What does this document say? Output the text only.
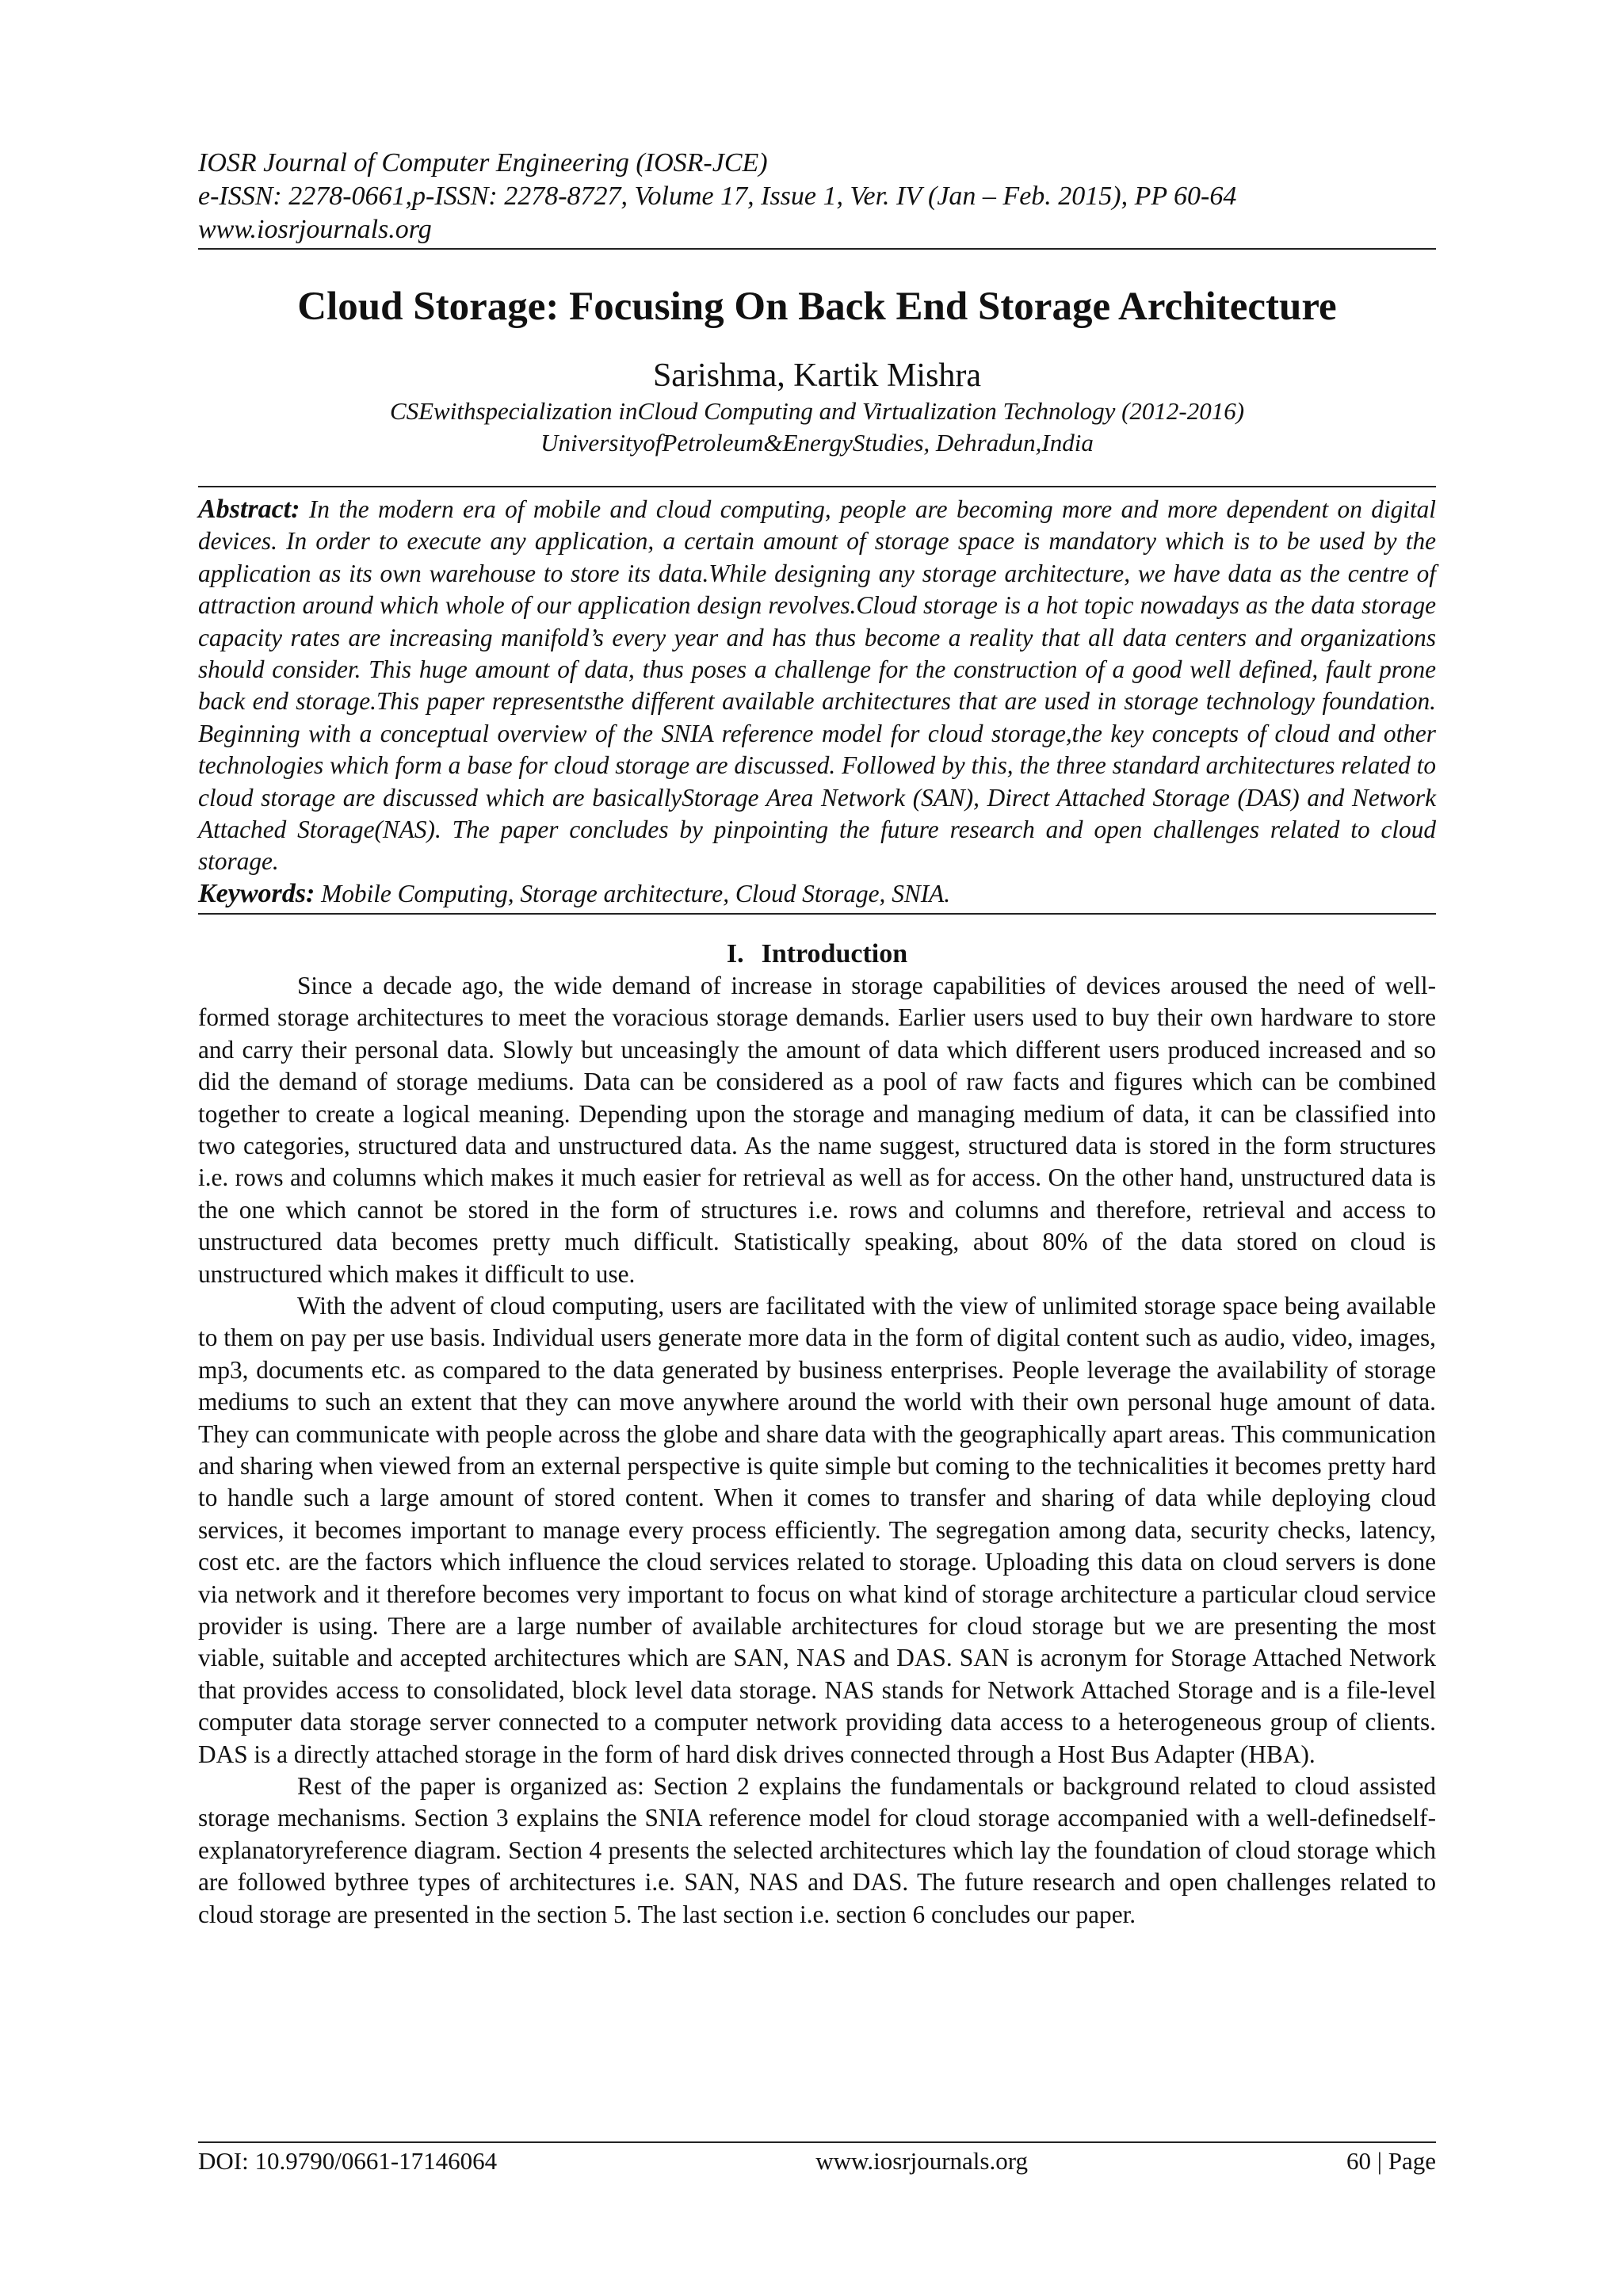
IOSR Journal of Computer Engineering (IOSR-JCE)
e-ISSN: 2278-0661,p-ISSN: 2278-8727, Volume 17, Issue 1, Ver. IV (Jan – Feb. 2015), PP 60-64
www.iosrjournals.org
Cloud Storage: Focusing On Back End Storage Architecture
Sarishma, Kartik Mishra
CSEwithspecialization inCloud Computing and Virtualization Technology (2012-2016)
UniversityofPetroleum&EnergyStudies, Dehradun,India
Abstract: In the modern era of mobile and cloud computing, people are becoming more and more dependent on digital devices. In order to execute any application, a certain amount of storage space is mandatory which is to be used by the application as its own warehouse to store its data.While designing any storage architecture, we have data as the centre of attraction around which whole of our application design revolves.Cloud storage is a hot topic nowadays as the data storage capacity rates are increasing manifold’s every year and has thus become a reality that all data centers and organizations should consider. This huge amount of data, thus poses a challenge for the construction of a good well defined, fault prone back end storage.This paper representsthe different available architectures that are used in storage technology foundation. Beginning with a conceptual overview of the SNIA reference model for cloud storage,the key concepts of cloud and other technologies which form a base for cloud storage are discussed. Followed by this, the three standard architectures related to cloud storage are discussed which are basicallyStorage Area Network (SAN), Direct Attached Storage (DAS) and Network Attached Storage(NAS). The paper concludes by pinpointing the future research and open challenges related to cloud storage.
Keywords: Mobile Computing, Storage architecture, Cloud Storage, SNIA.
I. Introduction

Since a decade ago, the wide demand of increase in storage capabilities of devices aroused the need of well-formed storage architectures to meet the voracious storage demands. Earlier users used to buy their own hardware to store and carry their personal data. Slowly but unceasingly the amount of data which different users produced increased and so did the demand of storage mediums. Data can be considered as a pool of raw facts and figures which can be combined together to create a logical meaning. Depending upon the storage and managing medium of data, it can be classified into two categories, structured data and unstructured data. As the name suggest, structured data is stored in the form structures i.e. rows and columns which makes it much easier for retrieval as well as for access. On the other hand, unstructured data is the one which cannot be stored in the form of structures i.e. rows and columns and therefore, retrieval and access to unstructured data becomes pretty much difficult. Statistically speaking, about 80% of the data stored on cloud is unstructured which makes it difficult to use.

With the advent of cloud computing, users are facilitated with the view of unlimited storage space being available to them on pay per use basis. Individual users generate more data in the form of digital content such as audio, video, images, mp3, documents etc. as compared to the data generated by business enterprises. People leverage the availability of storage mediums to such an extent that they can move anywhere around the world with their own personal huge amount of data. They can communicate with people across the globe and share data with the geographically apart areas. This communication and sharing when viewed from an external perspective is quite simple but coming to the technicalities it becomes pretty hard to handle such a large amount of stored content. When it comes to transfer and sharing of data while deploying cloud services, it becomes important to manage every process efficiently. The segregation among data, security checks, latency, cost etc. are the factors which influence the cloud services related to storage. Uploading this data on cloud servers is done via network and it therefore becomes very important to focus on what kind of storage architecture a particular cloud service provider is using. There are a large number of available architectures for cloud storage but we are presenting the most viable, suitable and accepted architectures which are SAN, NAS and DAS. SAN is acronym for Storage Attached Network that provides access to consolidated, block level data storage. NAS stands for Network Attached Storage and is a file-level computer data storage server connected to a computer network providing data access to a heterogeneous group of clients. DAS is a directly attached storage in the form of hard disk drives connected through a Host Bus Adapter (HBA).

Rest of the paper is organized as: Section 2 explains the fundamentals or background related to cloud assisted storage mechanisms. Section 3 explains the SNIA reference model for cloud storage accompanied with a well-definedself-explanatoryreference diagram. Section 4 presents the selected architectures which lay the foundation of cloud storage which are followed bythree types of architectures i.e. SAN, NAS and DAS. The future research and open challenges related to cloud storage are presented in the section 5. The last section i.e. section 6 concludes our paper.

DOI: 10.9790/0661-17146064	www.iosrjournals.org	60 | Page
